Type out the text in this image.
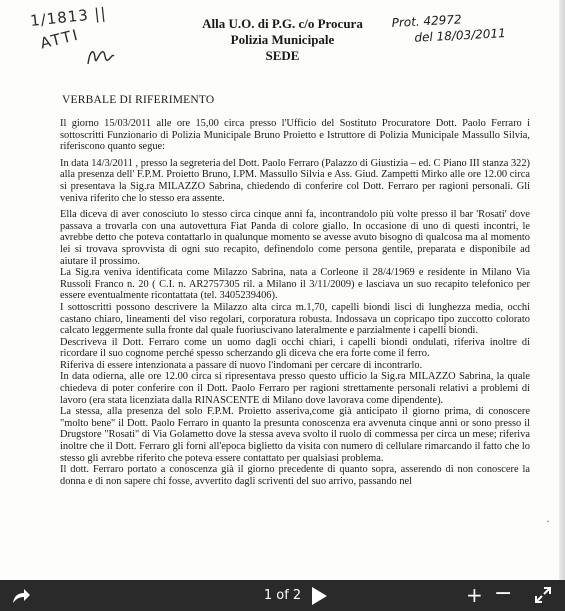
1/1813 ||
ATTI
Prot. 42972
del 18/03/2011
Alla U.O. di P.G. c/o Procura
Polizia Municipale
SEDE
VERBALE DI RIFERIMENTO

Il giorno 15/03/2011 alle ore 15,00 circa presso l'Ufficio del Sostituto Procuratore Dott. Paolo Ferraro i sottoscritti Funzionario di Polizia Municipale Bruno Proietto e Istruttore di Polizia Municipale Massullo Silvia, riferiscono quanto segue:

In data 14/3/2011 , presso la segreteria del Dott. Paolo Ferraro (Palazzo di Giustizia – ed. C Piano III stanza 322) alla presenza dell' F.P.M. Proietto Bruno, I.PM. Massullo Silvia e Ass. Giud. Zampetti Mirko alle ore 12.00 circa si presentava la Sig.ra MILAZZO Sabrina, chiedendo di conferire col Dott. Ferraro per ragioni personali. Gli veniva riferito che lo stesso era assente.

Ella diceva di aver conosciuto lo stesso circa cinque anni fa, incontrandolo più volte presso il bar 'Rosati' dove passava a trovarla con una autovettura Fiat Panda di colore giallo. In occasione di uno di questi incontri, le avrebbe detto che poteva contattarlo in qualunque momento se avesse avuto bisogno di qualcosa ma al momento lei si trovava sprovvista di ogni suo recapito, definendolo come persona gentile, preparata e disponibile ad aiutare il prossimo.

La Sig.ra veniva identificata come Milazzo Sabrina, nata a Corleone il 28/4/1969 e residente in Milano Via Russoli Franco n. 20 ( C.I. n. AR2757305 ril. a Milano il 3/11/2009) e lasciava un suo recapito telefonico per essere eventualmente ricontattata (tel. 3405239406).

I sottoscritti possono descrivere la Milazzo alta circa m.1,70, capelli biondi lisci di lunghezza media, occhi castano chiaro, lineamenti del viso regolari, corporatura robusta. Indossava un copricapo tipo zuccotto colorato calcato leggermente sulla fronte dal quale fuoriuscivano lateralmente e parzialmente i capelli biondi.

Descriveva il Dott. Ferraro come un uomo dagli occhi chiari, i capelli biondi ondulati, riferiva inoltre di ricordare il suo cognome perché spesso scherzando gli diceva che era forte come il ferro.

Riferiva di essere intenzionata a passare di nuovo l'indomani per cercare di incontrarlo.

In data odierna, alle ore 12.00 circa si ripresentava presso questo ufficio la Sig.ra MILAZZO Sabrina, la quale chiedeva di poter conferire con il Dott. Paolo Ferraro per ragioni strettamente personali relativi a problemi di lavoro (era stata licenziata dalla RINASCENTE di Milano dove lavorava come dipendente).

La stessa, alla presenza del solo F.P.M. Proietto asseriva,come già anticipato il giorno prima, di conoscere "molto bene" il Dott. Paolo Ferraro in quanto la presunta conoscenza era avvenuta cinque anni or sono presso il Drugstore "Rosati" di Via Golametto dove la stessa aveva svolto il ruolo di commessa per circa un mese; riferiva inoltre che il Dott. Ferraro gli fornì all'epoca biglietto da visita con numero di cellulare rimarcando il fatto che lo stesso gli avrebbe riferito che poteva essere contattato per qualsiasi problema.

Il dott. Ferraro portato a conoscenza già il giorno precedente di quanto sopra, asserendo di non conoscere la donna e di non sapere chi fosse, avvertito dagli scriventi del suo arrivo, passando nel

·
1 of 2	+ −
